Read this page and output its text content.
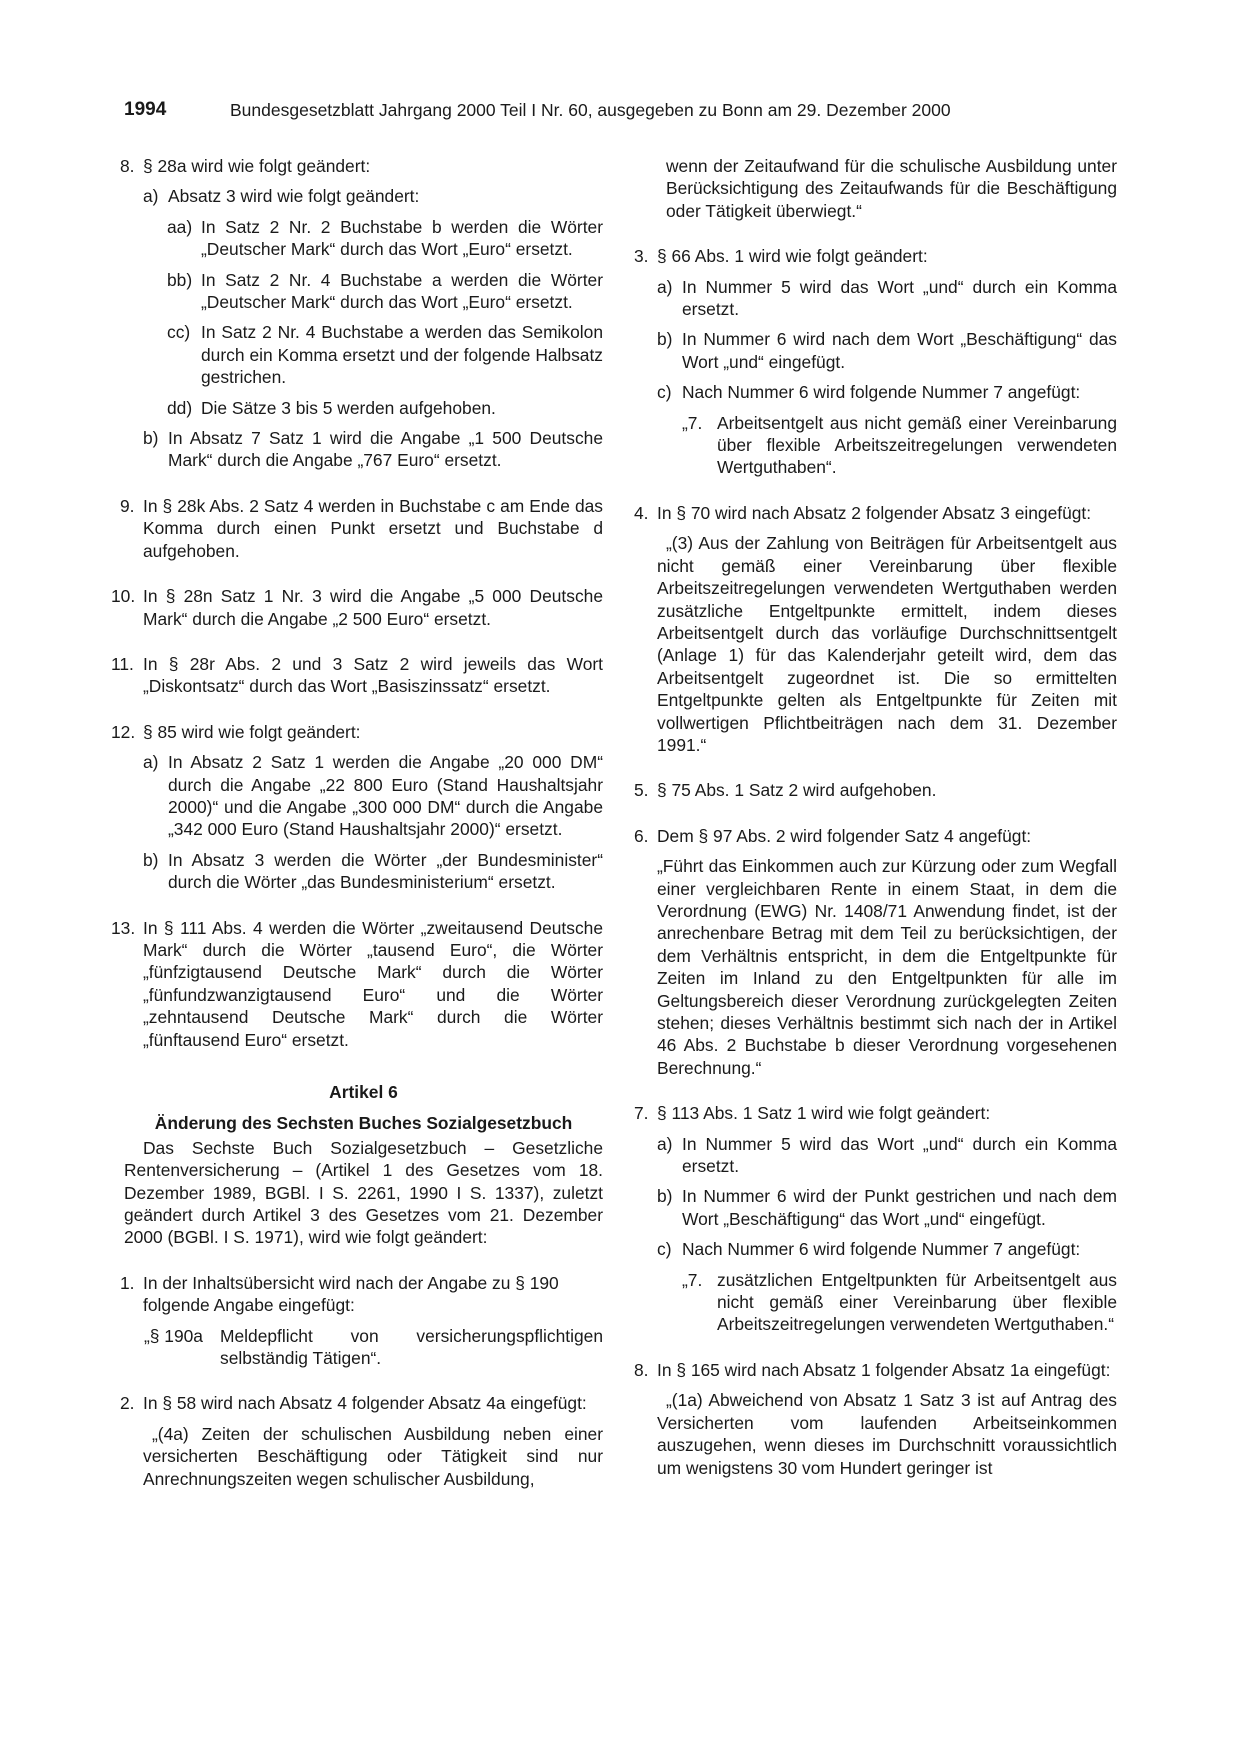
1994	Bundesgesetzblatt Jahrgang 2000 Teil I Nr. 60, ausgegeben zu Bonn am 29. Dezember 2000
8. § 28a wird wie folgt geändert:

a) Absatz 3 wird wie folgt geändert:

aa) In Satz 2 Nr. 2 Buchstabe b werden die Wörter „Deutscher Mark“ durch das Wort „Euro“ ersetzt.

bb) In Satz 2 Nr. 4 Buchstabe a werden die Wörter „Deutscher Mark“ durch das Wort „Euro“ ersetzt.

cc) In Satz 2 Nr. 4 Buchstabe a werden das Semikolon durch ein Komma ersetzt und der folgende Halbsatz gestrichen.

dd) Die Sätze 3 bis 5 werden aufgehoben.

b) In Absatz 7 Satz 1 wird die Angabe „1 500 Deutsche Mark“ durch die Angabe „767 Euro“ ersetzt.

9. In § 28k Abs. 2 Satz 4 werden in Buchstabe c am Ende das Komma durch einen Punkt ersetzt und Buchstabe d aufgehoben.

10. In § 28n Satz 1 Nr. 3 wird die Angabe „5 000 Deutsche Mark“ durch die Angabe „2 500 Euro“ ersetzt.

11. In § 28r Abs. 2 und 3 Satz 2 wird jeweils das Wort „Diskontsatz“ durch das Wort „Basiszinssatz“ ersetzt.

12. § 85 wird wie folgt geändert:

a) In Absatz 2 Satz 1 werden die Angabe „20 000 DM“ durch die Angabe „22 800 Euro (Stand Haushaltsjahr 2000)“ und die Angabe „300 000 DM“ durch die Angabe „342 000 Euro (Stand Haushaltsjahr 2000)“ ersetzt.

b) In Absatz 3 werden die Wörter „der Bundesminister“ durch die Wörter „das Bundesministerium“ ersetzt.

13. In § 111 Abs. 4 werden die Wörter „zweitausend Deutsche Mark“ durch die Wörter „tausend Euro“, die Wörter „fünfzigtausend Deutsche Mark“ durch die Wörter „fünfundzwanzigtausend Euro“ und die Wörter „zehntausend Deutsche Mark“ durch die Wörter „fünftausend Euro“ ersetzt.

Artikel 6

Änderung des Sechsten Buches Sozialgesetzbuch

Das Sechste Buch Sozialgesetzbuch – Gesetzliche Rentenversicherung – (Artikel 1 des Gesetzes vom 18. Dezember 1989, BGBl. I S. 2261, 1990 I S. 1337), zuletzt geändert durch Artikel 3 des Gesetzes vom 21. Dezember 2000 (BGBl. I S. 1971), wird wie folgt geändert:

1. In der Inhaltsübersicht wird nach der Angabe zu § 190 folgende Angabe eingefügt:

„§ 190a Meldepflicht von versicherungspflichtigen selbständig Tätigen“.

2. In § 58 wird nach Absatz 4 folgender Absatz 4a eingefügt:

„(4a) Zeiten der schulischen Ausbildung neben einer versicherten Beschäftigung oder Tätigkeit sind nur Anrechnungszeiten wegen schulischer Ausbildung,

wenn der Zeitaufwand für die schulische Ausbildung unter Berücksichtigung des Zeitaufwands für die Beschäftigung oder Tätigkeit überwiegt.“

3. § 66 Abs. 1 wird wie folgt geändert:

a) In Nummer 5 wird das Wort „und“ durch ein Komma ersetzt.

b) In Nummer 6 wird nach dem Wort „Beschäftigung“ das Wort „und“ eingefügt.

c) Nach Nummer 6 wird folgende Nummer 7 angefügt:

„7. Arbeitsentgelt aus nicht gemäß einer Vereinbarung über flexible Arbeitszeitregelungen verwendeten Wertguthaben“.

4. In § 70 wird nach Absatz 2 folgender Absatz 3 eingefügt:

„(3) Aus der Zahlung von Beiträgen für Arbeitsentgelt aus nicht gemäß einer Vereinbarung über flexible Arbeitszeitregelungen verwendeten Wertguthaben werden zusätzliche Entgeltpunkte ermittelt, indem dieses Arbeitsentgelt durch das vorläufige Durchschnittsentgelt (Anlage 1) für das Kalenderjahr geteilt wird, dem das Arbeitsentgelt zugeordnet ist. Die so ermittelten Entgeltpunkte gelten als Entgeltpunkte für Zeiten mit vollwertigen Pflichtbeiträgen nach dem 31. Dezember 1991.“

5. § 75 Abs. 1 Satz 2 wird aufgehoben.

6. Dem § 97 Abs. 2 wird folgender Satz 4 angefügt:

„Führt das Einkommen auch zur Kürzung oder zum Wegfall einer vergleichbaren Rente in einem Staat, in dem die Verordnung (EWG) Nr. 1408/71 Anwendung findet, ist der anrechenbare Betrag mit dem Teil zu berücksichtigen, der dem Verhältnis entspricht, in dem die Entgeltpunkte für Zeiten im Inland zu den Entgeltpunkten für alle im Geltungsbereich dieser Verordnung zurückgelegten Zeiten stehen; dieses Verhältnis bestimmt sich nach der in Artikel 46 Abs. 2 Buchstabe b dieser Verordnung vorgesehenen Berechnung.“

7. § 113 Abs. 1 Satz 1 wird wie folgt geändert:

a) In Nummer 5 wird das Wort „und“ durch ein Komma ersetzt.

b) In Nummer 6 wird der Punkt gestrichen und nach dem Wort „Beschäftigung“ das Wort „und“ eingefügt.

c) Nach Nummer 6 wird folgende Nummer 7 angefügt:

„7. zusätzlichen Entgeltpunkten für Arbeitsentgelt aus nicht gemäß einer Vereinbarung über flexible Arbeitszeitregelungen verwendeten Wertguthaben.“

8. In § 165 wird nach Absatz 1 folgender Absatz 1a eingefügt:

„(1a) Abweichend von Absatz 1 Satz 3 ist auf Antrag des Versicherten vom laufenden Arbeitseinkommen auszugehen, wenn dieses im Durchschnitt voraussichtlich um wenigstens 30 vom Hundert geringer ist
